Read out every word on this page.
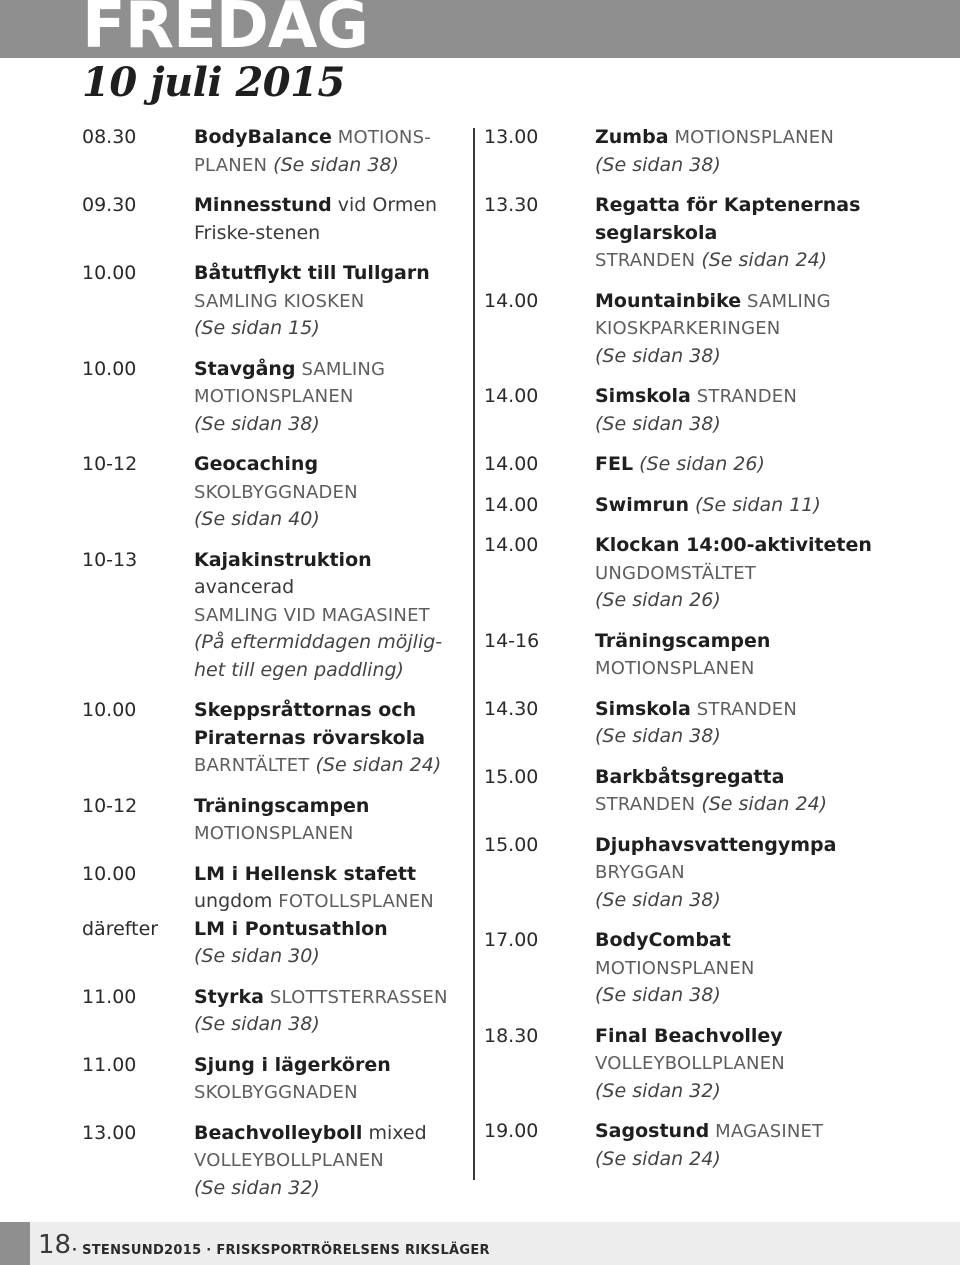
FREDAG
10 juli 2015
08.30	BodyBalance MOTIONS-
PLANEN (Se sidan 38)
09.30	Minnesstund vid Ormen
Friske-stenen
10.00	Båtutflykt till Tullgarn
SAMLING KIOSKEN
(Se sidan 15)
10.00	Stavgång SAMLING
MOTIONSPLANEN
(Se sidan 38)
10-12	Geocaching
SKOLBYGGNADEN
(Se sidan 40)
10-13	Kajakinstruktion avancerad
SAMLING VID MAGASINET
(På eftermiddagen möjlig-
het till egen paddling)
10.00	Skeppsråttornas och
Piraternas rövarskola
BARNTÄLTET (Se sidan 24)
10-12	Träningscampen
MOTIONSPLANEN
10.00	LM i Hellensk stafett
ungdom FOTOLLSPLANEN
därefter	LM i Pontusathlon
(Se sidan 30)
11.00	Styrka SLOTTSTERRASSEN
(Se sidan 38)
11.00	Sjung i lägerkören
SKOLBYGGNADEN
13.00	Beachvolleyboll mixed
VOLLEYBOLLPLANEN
(Se sidan 32)
13.00	Zumba MOTIONSPLANEN
(Se sidan 38)
13.30	Regatta för Kaptenernas
seglarskola
STRANDEN (Se sidan 24)
14.00	Mountainbike SAMLING
KIOSKPARKERINGEN
(Se sidan 38)
14.00	Simskola STRANDEN
(Se sidan 38)
14.00	FEL (Se sidan 26)
14.00	Swimrun (Se sidan 11)
14.00	Klockan 14:00-aktiviteten
UNGDOMSTÄLTET
(Se sidan 26)
14-16	Träningscampen
MOTIONSPLANEN
14.30	Simskola STRANDEN
(Se sidan 38)
15.00	Barkbåtsgregatta
STRANDEN (Se sidan 24)
15.00	Djuphavsvattengympa
BRYGGAN
(Se sidan 38)
17.00	BodyCombat
MOTIONSPLANEN
(Se sidan 38)
18.30	Final Beachvolley
VOLLEYBOLLPLANEN
(Se sidan 32)
19.00	Sagostund MAGASINET
(Se sidan 24)
18 · STENSUND2015 · FRISKSPORTRÖRELSENS RIKSLÄGER
